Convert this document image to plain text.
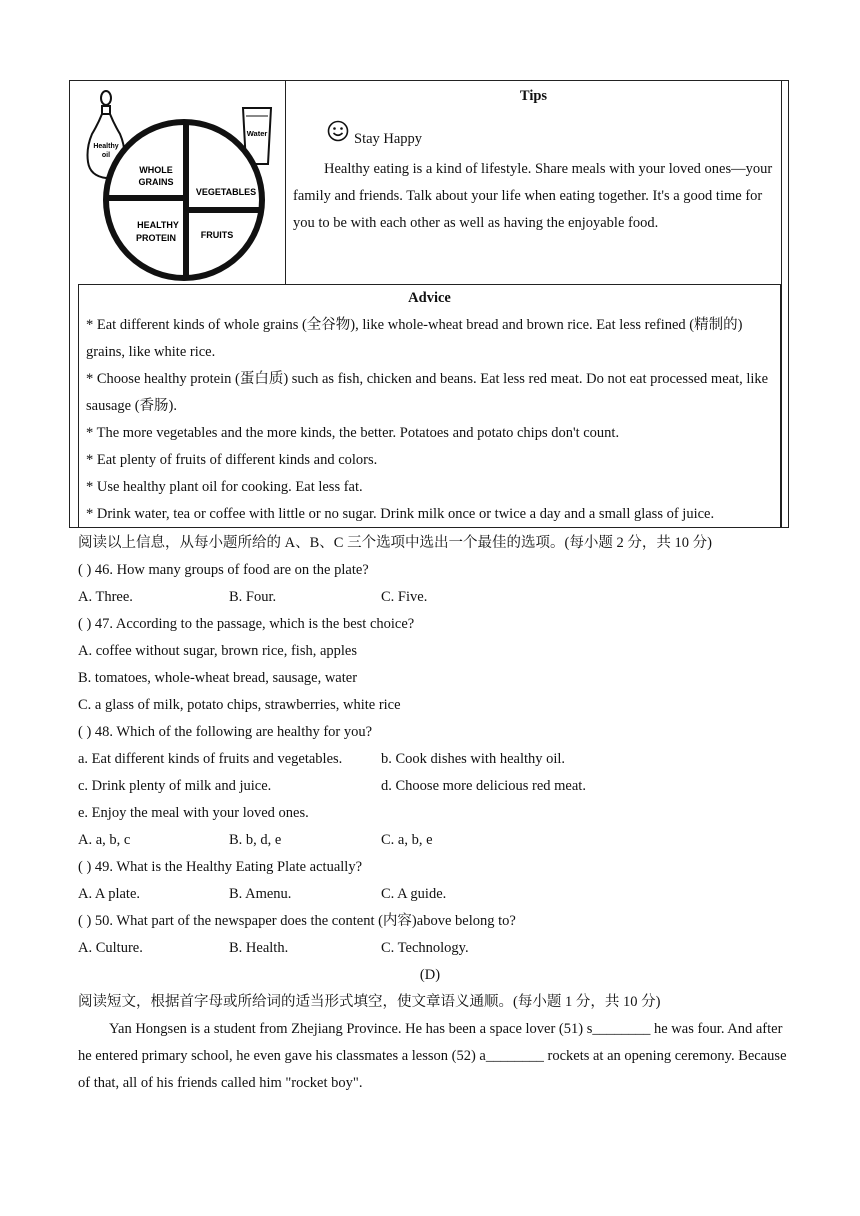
Healthy
oil
Water
WHOLE
GRAINS
VEGETABLES
HEALTHY
PROTEIN	FRUITS
Tips
Stay Happy
Healthy eating is a kind of lifestyle. Share meals with your loved ones—your family and friends. Talk about your life when eating together. It's a good time for you to be with each other as well as having the enjoyable food.
Advice

* Eat different kinds of whole grains (全谷物), like whole-wheat bread and brown rice. Eat less refined (精制的) grains, like white rice.

* Choose healthy protein (蛋白质) such as fish, chicken and beans. Eat less red meat. Do not eat processed meat, like sausage (香肠).

* The more vegetables and the more kinds, the better. Potatoes and potato chips don't count.

* Eat plenty of fruits of different kinds and colors.

* Use healthy plant oil for cooking. Eat less fat.

* Drink water, tea or coffee with little or no sugar. Drink milk once or twice a day and a small glass of juice.

阅读以上信息，从每小题所给的 A、B、C 三个选项中选出一个最佳的选项。(每小题 2 分，共 10 分)
( ) 46. How many groups of food are on the plate?
A. Three.	B. Four.	C. Five.
( ) 47. According to the passage, which is the best choice?
A. coffee without sugar, brown rice, fish, apples
B. tomatoes, whole-wheat bread, sausage, water
C. a glass of milk, potato chips, strawberries, white rice
( ) 48. Which of the following are healthy for you?
a. Eat different kinds of fruits and vegetables.	b. Cook dishes with healthy oil.
c. Drink plenty of milk and juice.	d. Choose more delicious red meat.
e. Enjoy the meal with your loved ones.
A. a, b, c	B. b, d, e	C. a, b, e
( ) 49. What is the Healthy Eating Plate actually?
A. A plate.	B. Amenu.	C. A guide.
( ) 50. What part of the newspaper does the content (内容)above belong to?
A. Culture.	B. Health.	C. Technology.
(D)
阅读短文，根据首字母或所给词的适当形式填空，使文章语义通顺。(每小题 1 分，共 10 分)
Yan Hongsen is a student from Zhejiang Province. He has been a space lover (51) s________ he was four. And after he entered primary school, he even gave his classmates a lesson (52) a________ rockets at an opening ceremony. Because of that, all of his friends called him "rocket boy".
